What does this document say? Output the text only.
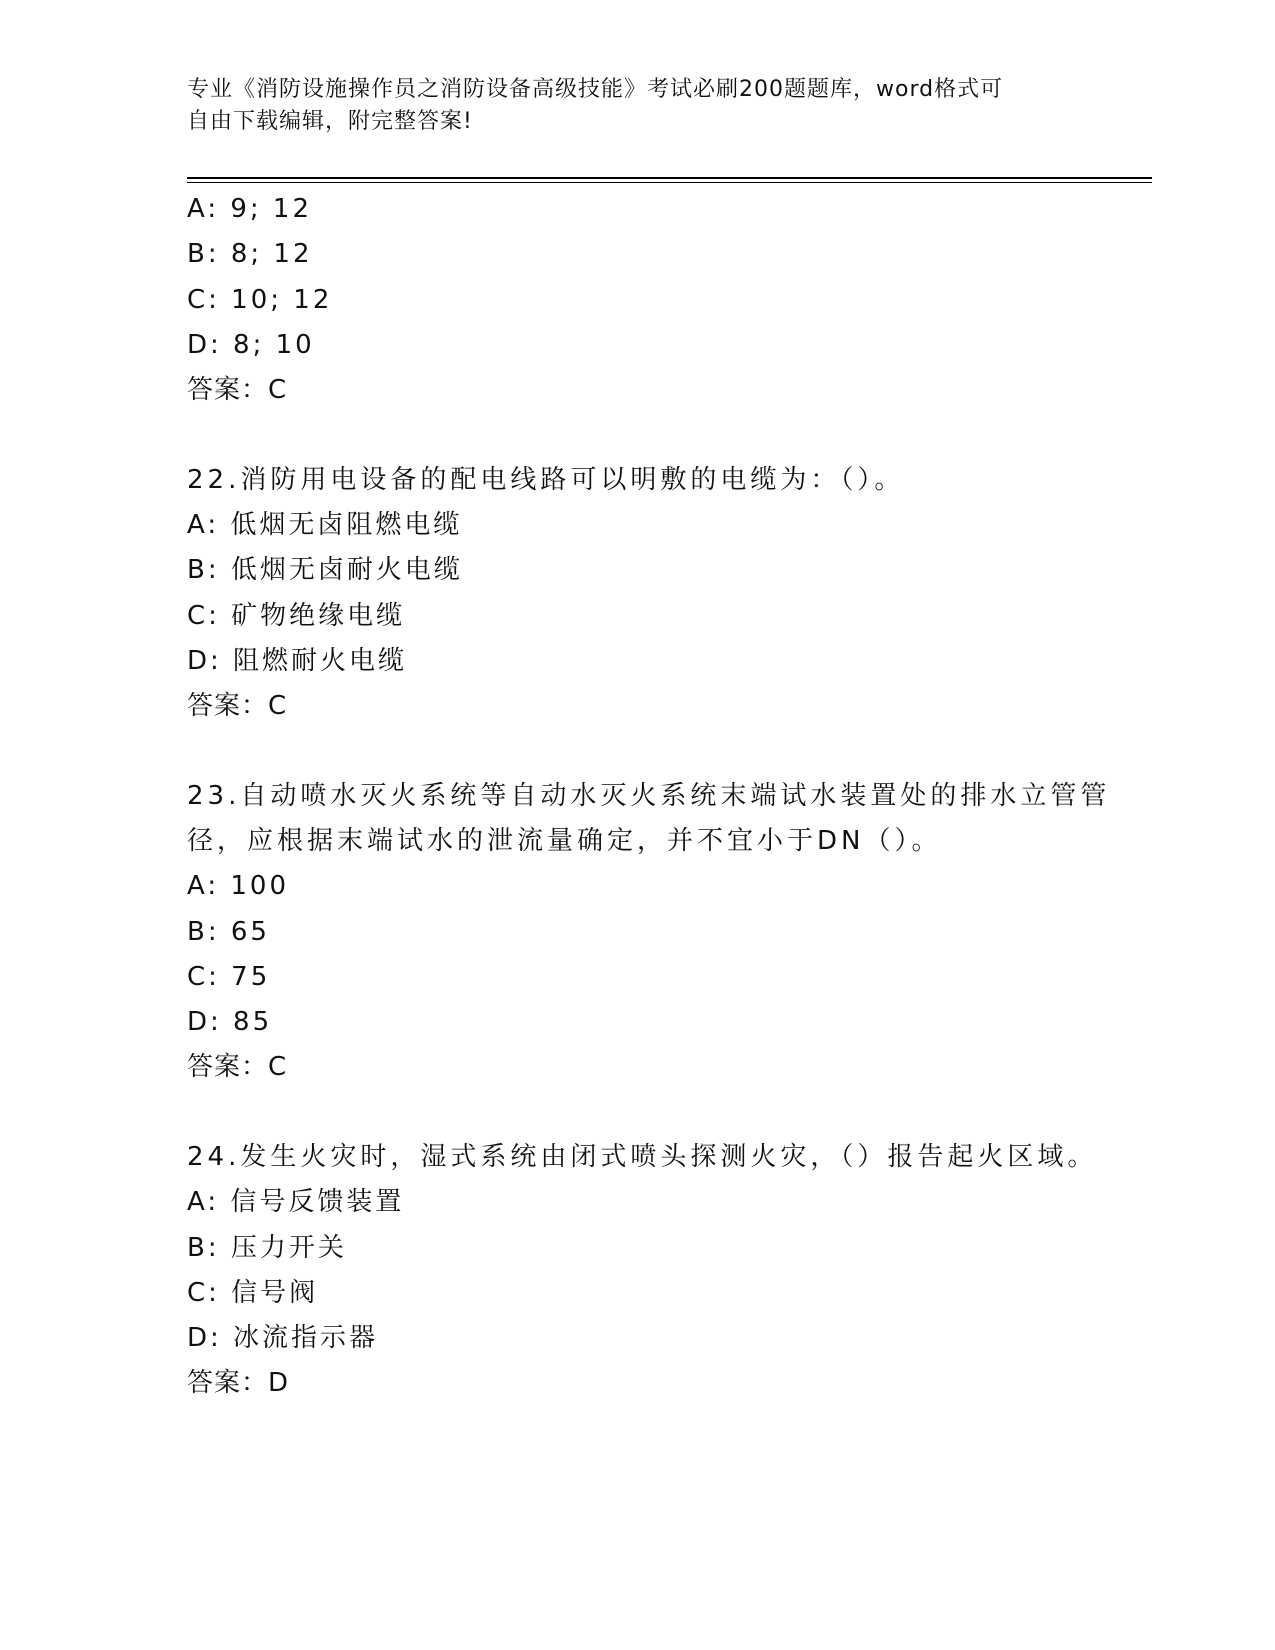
专业《消防设施操作员之消防设备高级技能》考试必刷200题题库，word格式可
自由下载编辑，附完整答案!
A: 9; 12
B: 8; 12
C: 10; 12
D: 8; 10
答案：C
22.消防用电设备的配电线路可以明敷的电缆为：（）。
A: 低烟无卤阻燃电缆
B: 低烟无卤耐火电缆
C: 矿物绝缘电缆
D: 阻燃耐火电缆
答案：C
23.自动喷水灭火系统等自动水灭火系统末端试水装置处的排水立管管
径，应根据末端试水的泄流量确定，并不宜小于DN（）。
A: 100
B: 65
C: 75
D: 85
答案：C
24.发生火灾时，湿式系统由闭式喷头探测火灾，（）报告起火区域。
A: 信号反馈装置
B: 压力开关
C: 信号阀
D: 冰流指示器
答案：D
